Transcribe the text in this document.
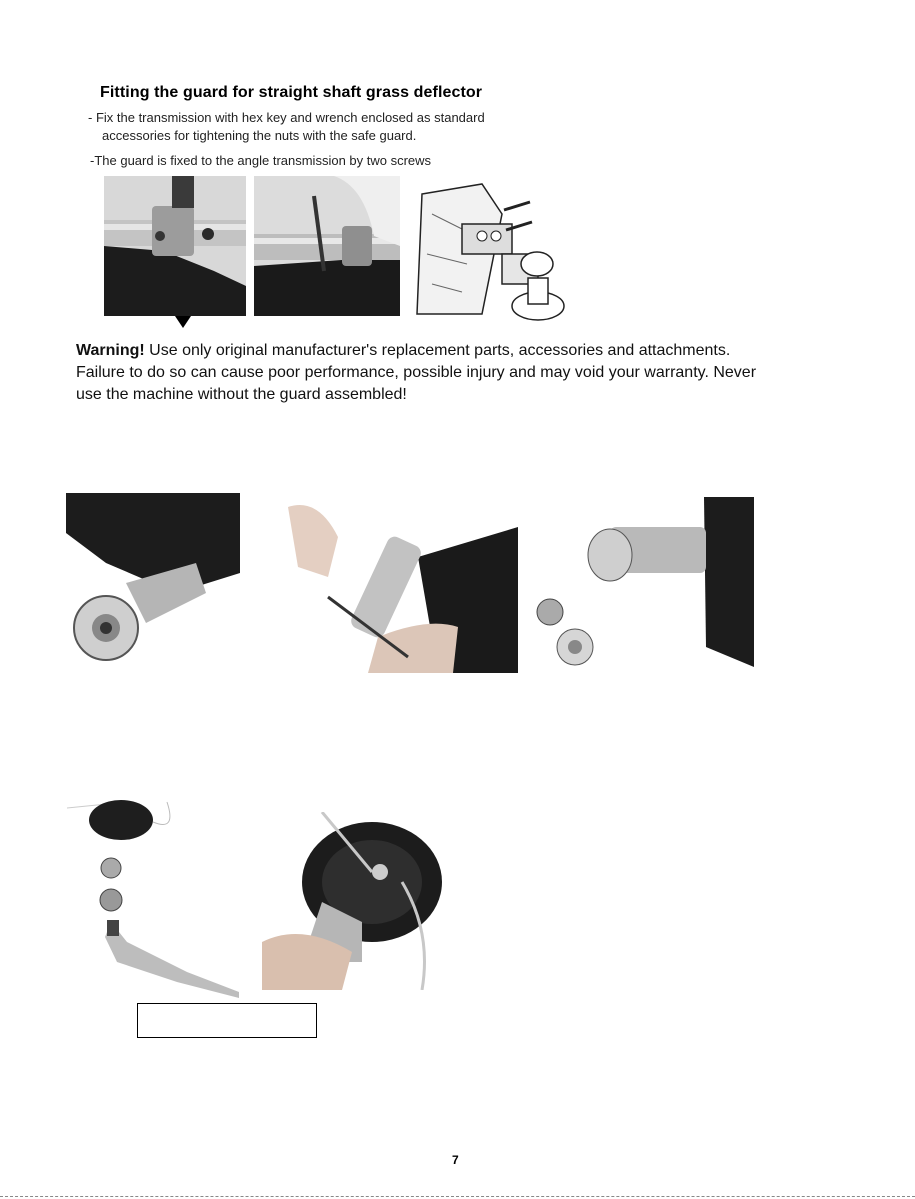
Fitting the guard for straight shaft grass deflector
- Fix the transmission with hex key and wrench enclosed as standard
accessories for tightening the nuts with the safe guard.
-The guard is fixed to the angle transmission by two screws
Warning! Use only original manufacturer's replacement parts, accessories and attachments. Failure to do so can cause poor performance, possible injury and may void your warranty. Never use the machine without the guard assembled!
7
